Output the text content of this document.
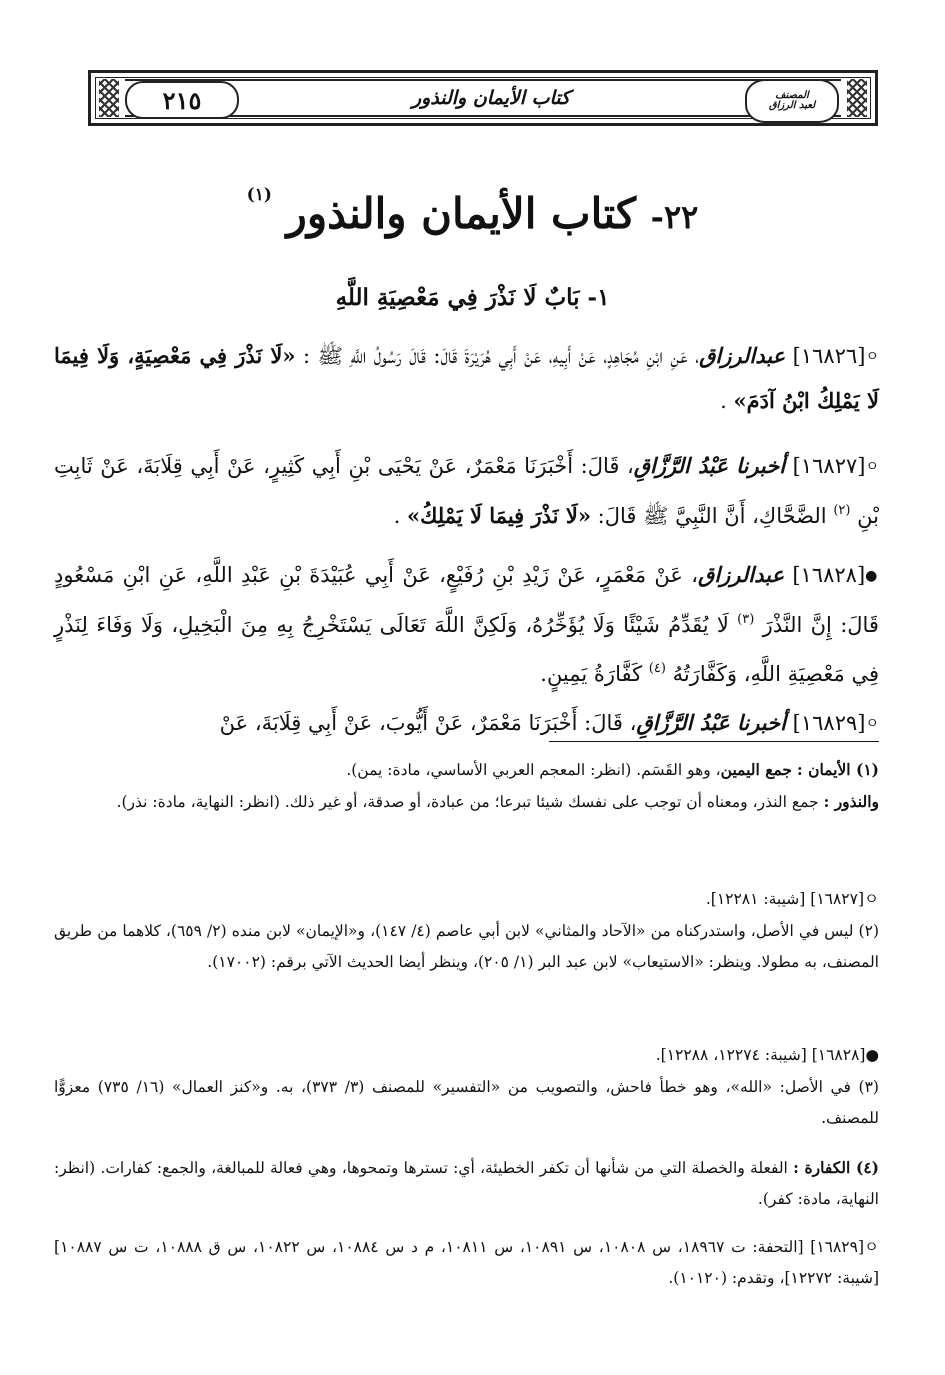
٢١٥	كتاب الأيمان والنذور	المصنف
لعبد الرزاق
٢٢- كتاب الأيمان والنذور $^{(١)}$
١- بَابٌ لَا نَذْرَ فِي مَعْصِيَةِ اللَّهِ
ㅇ[١٦٨٢٦] عبدالرزاق، عَنِ ابْنِ مُجَاهِدٍ، عَنْ أَبِيهِ، عَنْ أَبِي هُرَيْرَةَ قَالَ: قَالَ رَسُولُ اللَّهِ ﷺ : «لَا نَذْرَ فِي مَعْصِيَةٍ، وَلَا فِيمَا لَا يَمْلِكُ ابْنُ آدَمَ» .
ㅇ[١٦٨٢٧] أخبرنا عَبْدُ الرَّزَّاقِ، قَالَ: أَخْبَرَنَا مَعْمَرٌ، عَنْ يَحْيَى بْنِ أَبِي كَثِيرٍ، عَنْ أَبِي قِلَابَةَ، عَنْ ثَابِتِ بْنِ $^{(٢)}$ الضَّحَّاكِ، أَنَّ النَّبِيَّ ﷺ قَالَ: «لَا نَذْرَ فِيمَا لَا يَمْلِكُ» .
●[١٦٨٢٨] عبدالرزاق، عَنْ مَعْمَرٍ، عَنْ زَيْدِ بْنِ رُفَيْعٍ، عَنْ أَبِي عُبَيْدَةَ بْنِ عَبْدِ اللَّهِ، عَنِ ابْنِ مَسْعُودٍ قَالَ: إِنَّ النَّذْرَ $^{(٣)}$ لَا يُقَدِّمُ شَيْئًا وَلَا يُؤَخِّرُهُ، وَلَكِنَّ اللَّهَ تَعَالَى يَسْتَخْرِجُ بِهِ مِنَ الْبَخِيلِ، وَلَا وَفَاءَ لِنَذْرٍ فِي مَعْصِيَةِ اللَّهِ، وَكَفَّارَتُهُ $^{(٤)}$ كَفَّارَةُ يَمِينٍ.
ㅇ[١٦٨٢٩] أخبرنا عَبْدُ الرَّزَّاقِ، قَالَ: أَخْبَرَنَا مَعْمَرٌ، عَنْ أَيُّوبَ، عَنْ أَبِي قِلَابَةَ، عَنْ
(١) الأيمان : جمع اليمين، وهو القَسَم. (انظر: المعجم العربي الأساسي، مادة: يمن).
والنذور : جمع النذر، ومعناه أن توجب على نفسك شيئا تبرعا؛ من عبادة، أو صدقة، أو غير ذلك. (انظر: النهاية، مادة: نذر).
ㅇ[١٦٨٢٧] [شيبة: ١٢٢٨١].
(٢) ليس في الأصل، واستدركناه من «الآحاد والمثاني» لابن أبي عاصم (٤/ ١٤٧)، و«الإيمان» لابن منده (٢/ ٦٥٩)، كلاهما من طريق المصنف، به مطولا. وينظر: «الاستيعاب» لابن عبد البر (١/ ٢٠٥)، وينظر أيضا الحديث الآتي برقم: (١٧٠٠٢).
●[١٦٨٢٨] [شيبة: ١٢٢٧٤، ١٢٢٨٨].
(٣) في الأصل: «الله»، وهو خطأ فاحش، والتصويب من «التفسير» للمصنف (٣/ ٣٧٣)، به. و«كنز العمال» (١٦/ ٧٣٥) معزوًّا للمصنف.
(٤) الكفارة : الفعلة والخصلة التي من شأنها أن تكفر الخطيئة، أي: تسترها وتمحوها، وهي فعالة للمبالغة، والجمع: كفارات. (انظر: النهاية، مادة: كفر).
ㅇ[١٦٨٢٩] [التحفة: ت ١٨٩٦٧، س ١٠٨٠٨، س ١٠٨٩١، س ١٠٨١١، م د س ١٠٨٨٤، س ١٠٨٢٢، س ق ١٠٨٨٨، ت س ١٠٨٨٧] [شيبة: ١٢٢٧٢]، وتقدم: (١٠١٢٠).
